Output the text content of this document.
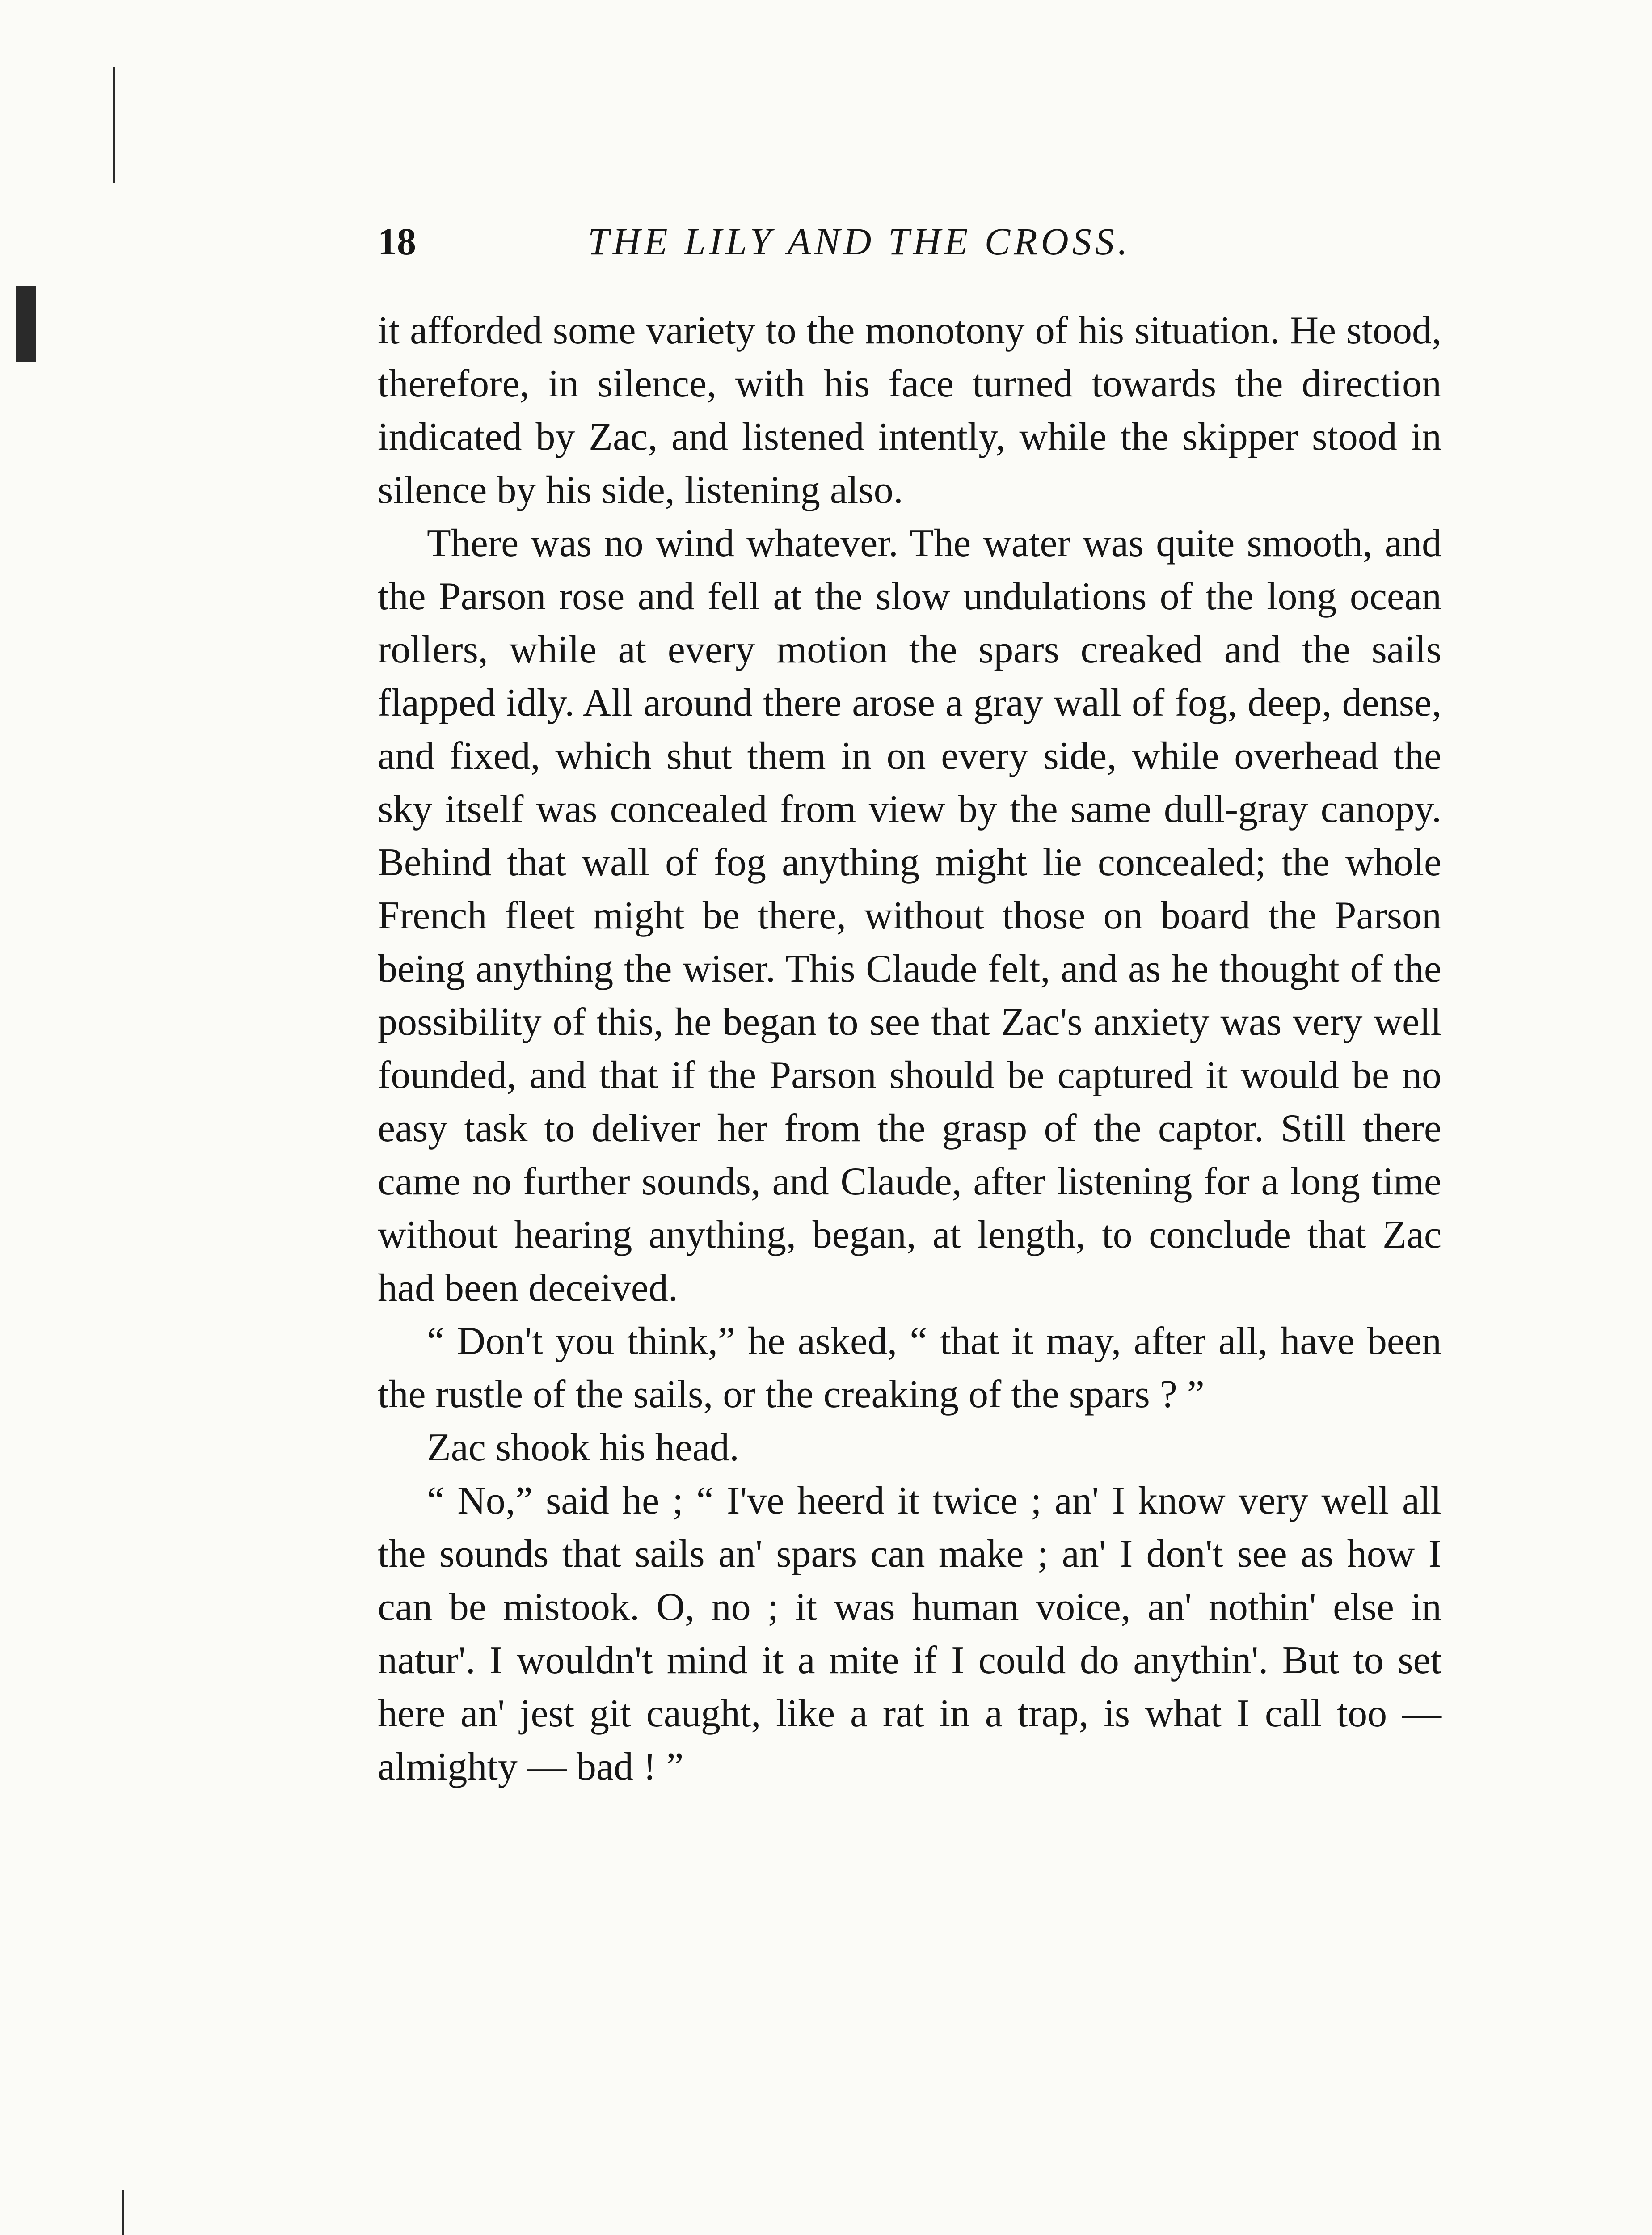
18	THE LILY AND THE CROSS.

it afforded some variety to the monotony of his situation. He stood, therefore, in silence, with his face turned towards the direction indicated by Zac, and listened intently, while the skipper stood in silence by his side, listening also.

There was no wind whatever. The water was quite smooth, and the Parson rose and fell at the slow undulations of the long ocean rollers, while at every motion the spars creaked and the sails flapped idly. All around there arose a gray wall of fog, deep, dense, and fixed, which shut them in on every side, while overhead the sky itself was concealed from view by the same dull-gray canopy. Behind that wall of fog anything might lie concealed; the whole French fleet might be there, without those on board the Parson being anything the wiser. This Claude felt, and as he thought of the possibility of this, he began to see that Zac's anxiety was very well founded, and that if the Parson should be captured it would be no easy task to deliver her from the grasp of the captor. Still there came no further sounds, and Claude, after listening for a long time without hearing anything, began, at length, to conclude that Zac had been deceived.

“ Don't you think,” he asked, “ that it may, after all, have been the rustle of the sails, or the creaking of the spars ? ”

Zac shook his head.

“ No,” said he ; “ I've heerd it twice ; an' I know very well all the sounds that sails an' spars can make ; an' I don't see as how I can be mistook. O, no ; it was human voice, an' nothin' else in natur'. I wouldn't mind it a mite if I could do anythin'. But to set here an' jest git caught, like a rat in a trap, is what I call too — almighty — bad ! ”
